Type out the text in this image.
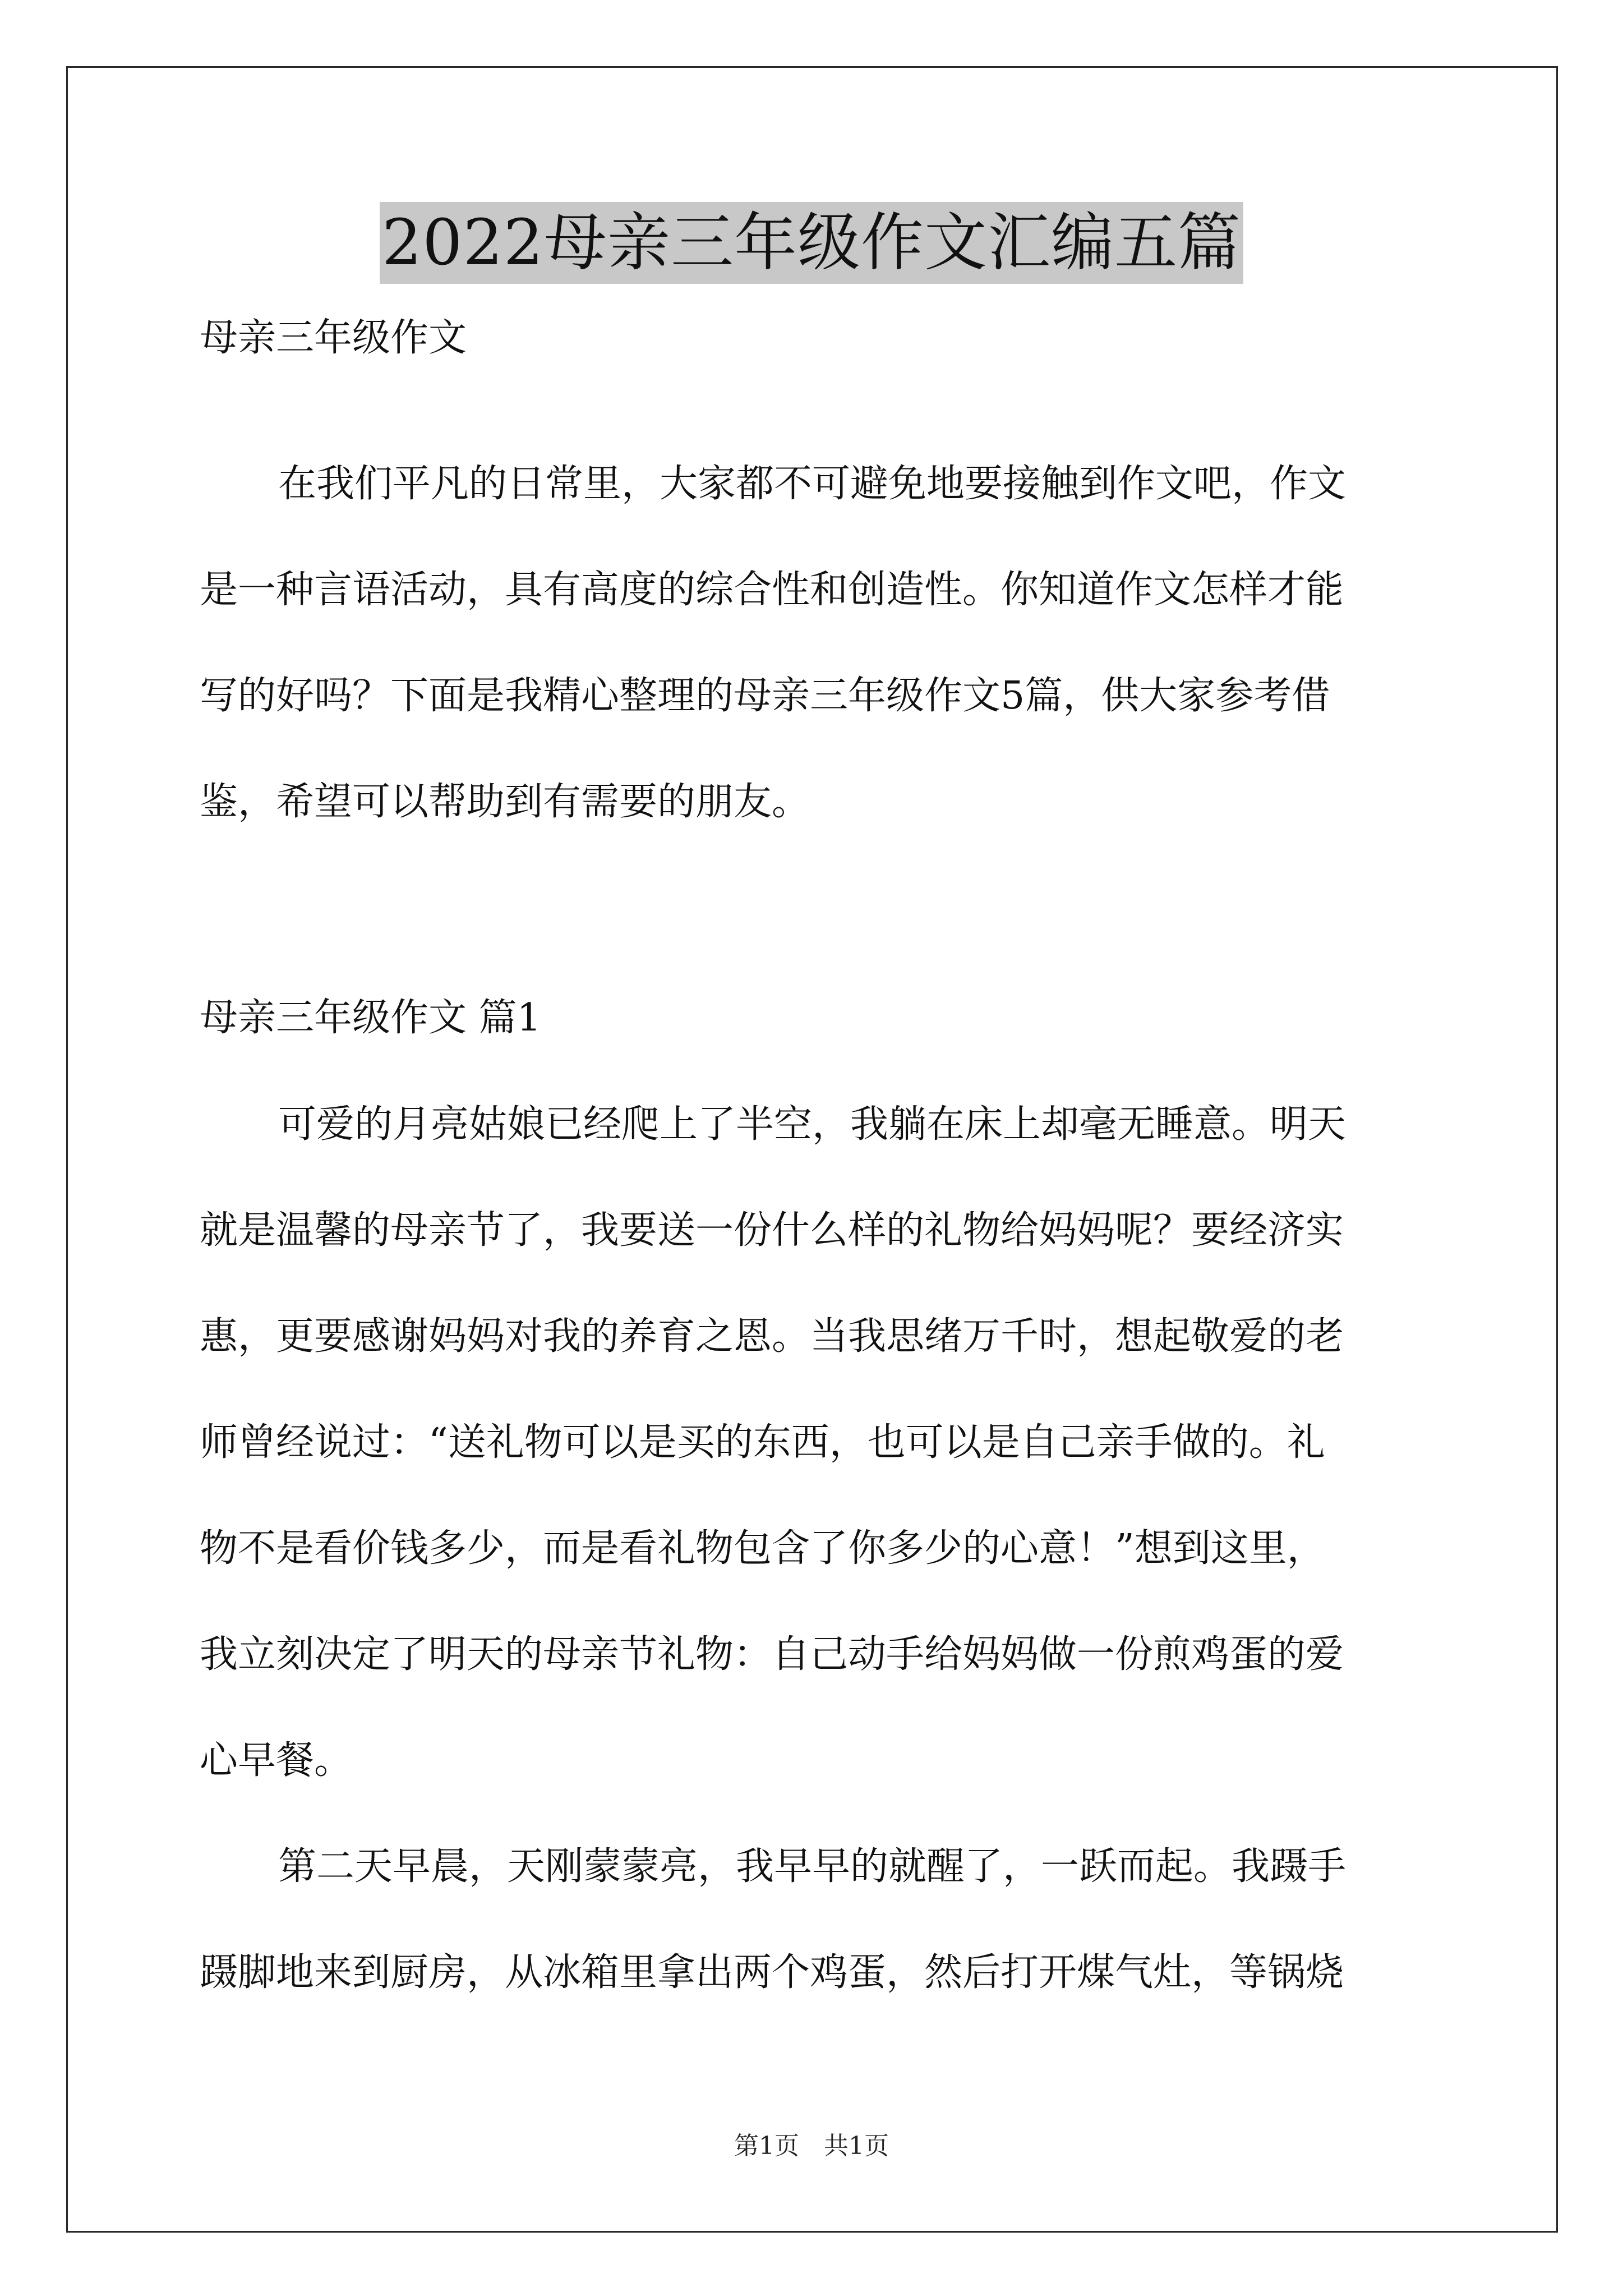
2022母亲三年级作文汇编五篇
母亲三年级作文
在我们平凡的日常里，大家都不可避免地要接触到作文吧，作文
是一种言语活动，具有高度的综合性和创造性。你知道作文怎样才能
写的好吗？下面是我精心整理的母亲三年级作文5篇，供大家参考借
鉴，希望可以帮助到有需要的朋友。
母亲三年级作文 篇1
可爱的月亮姑娘已经爬上了半空，我躺在床上却毫无睡意。明天
就是温馨的母亲节了，我要送一份什么样的礼物给妈妈呢？要经济实
惠，更要感谢妈妈对我的养育之恩。当我思绪万千时，想起敬爱的老
师曾经说过：“送礼物可以是买的东西，也可以是自己亲手做的。礼
物不是看价钱多少，而是看礼物包含了你多少的心意！”想到这里，
我立刻决定了明天的母亲节礼物：自己动手给妈妈做一份煎鸡蛋的爱
心早餐。
第二天早晨，天刚蒙蒙亮，我早早的就醒了，一跃而起。我蹑手
蹑脚地来到厨房，从冰箱里拿出两个鸡蛋，然后打开煤气灶，等锅烧
第1页　共1页
